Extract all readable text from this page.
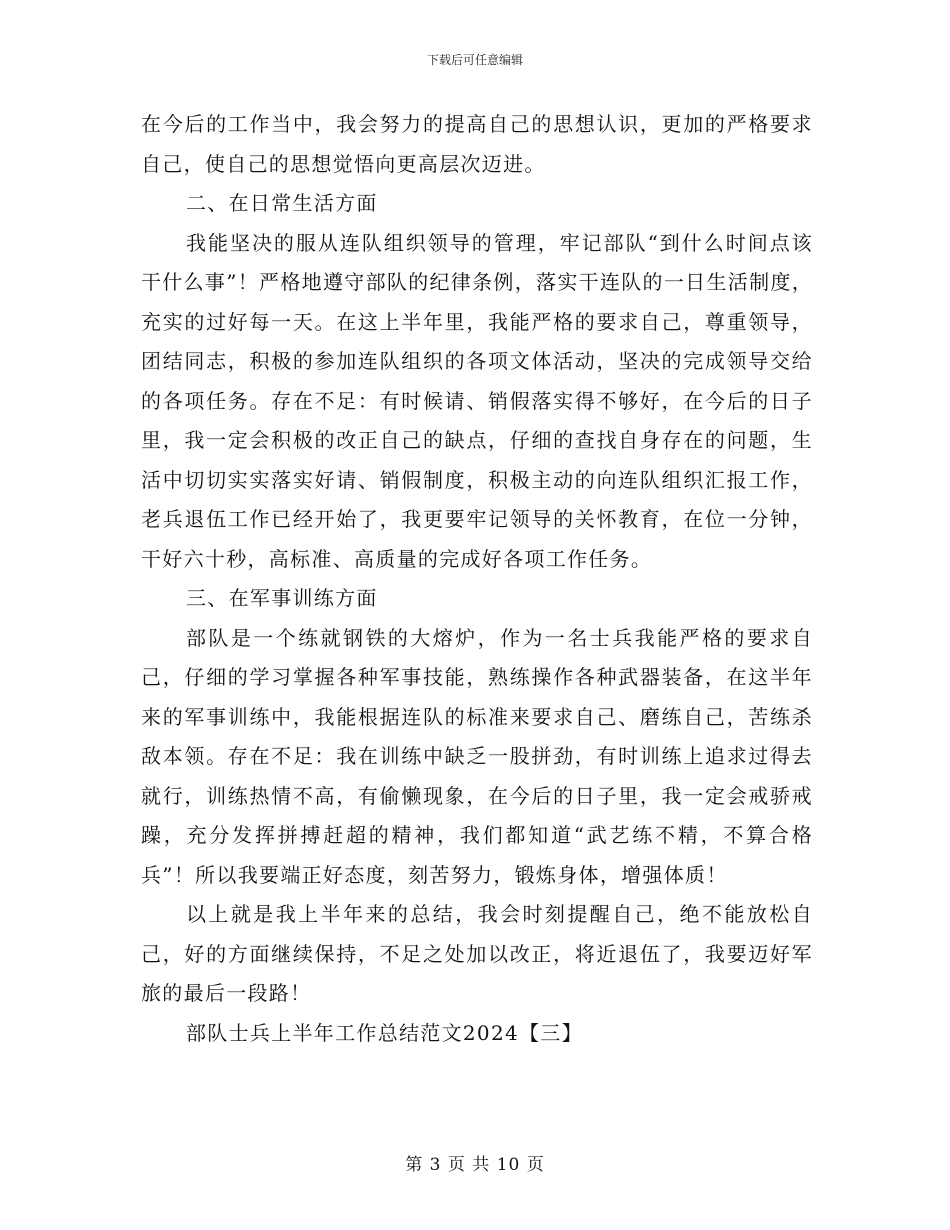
下载后可任意编辑

在今后的工作当中，我会努力的提高自己的思想认识，更加的严格要求自己，使自己的思想觉悟向更高层次迈进。

二、在日常生活方面

我能坚决的服从连队组织领导的管理，牢记部队“到什么时间点该干什么事”！严格地遵守部队的纪律条例，落实干连队的一日生活制度，充实的过好每一天。在这上半年里，我能严格的要求自己，尊重领导，团结同志，积极的参加连队组织的各项文体活动，坚决的完成领导交给的各项任务。存在不足：有时候请、销假落实得不够好，在今后的日子里，我一定会积极的改正自己的缺点，仔细的查找自身存在的问题，生活中切切实实落实好请、销假制度，积极主动的向连队组织汇报工作，老兵退伍工作已经开始了，我更要牢记领导的关怀教育，在位一分钟，干好六十秒，高标准、高质量的完成好各项工作任务。

三、在军事训练方面

部队是一个练就钢铁的大熔炉，作为一名士兵我能严格的要求自己，仔细的学习掌握各种军事技能，熟练操作各种武器装备，在这半年来的军事训练中，我能根据连队的标准来要求自己、磨练自己，苦练杀敌本领。存在不足：我在训练中缺乏一股拼劲，有时训练上追求过得去就行，训练热情不高，有偷懒现象，在今后的日子里，我一定会戒骄戒躁，充分发挥拼搏赶超的精神，我们都知道“武艺练不精，不算合格兵”！所以我要端正好态度，刻苦努力，锻炼身体，增强体质！

以上就是我上半年来的总结，我会时刻提醒自己，绝不能放松自己，好的方面继续保持，不足之处加以改正，将近退伍了，我要迈好军旅的最后一段路！

部队士兵上半年工作总结范文2024【三】

第 3 页 共 10 页
